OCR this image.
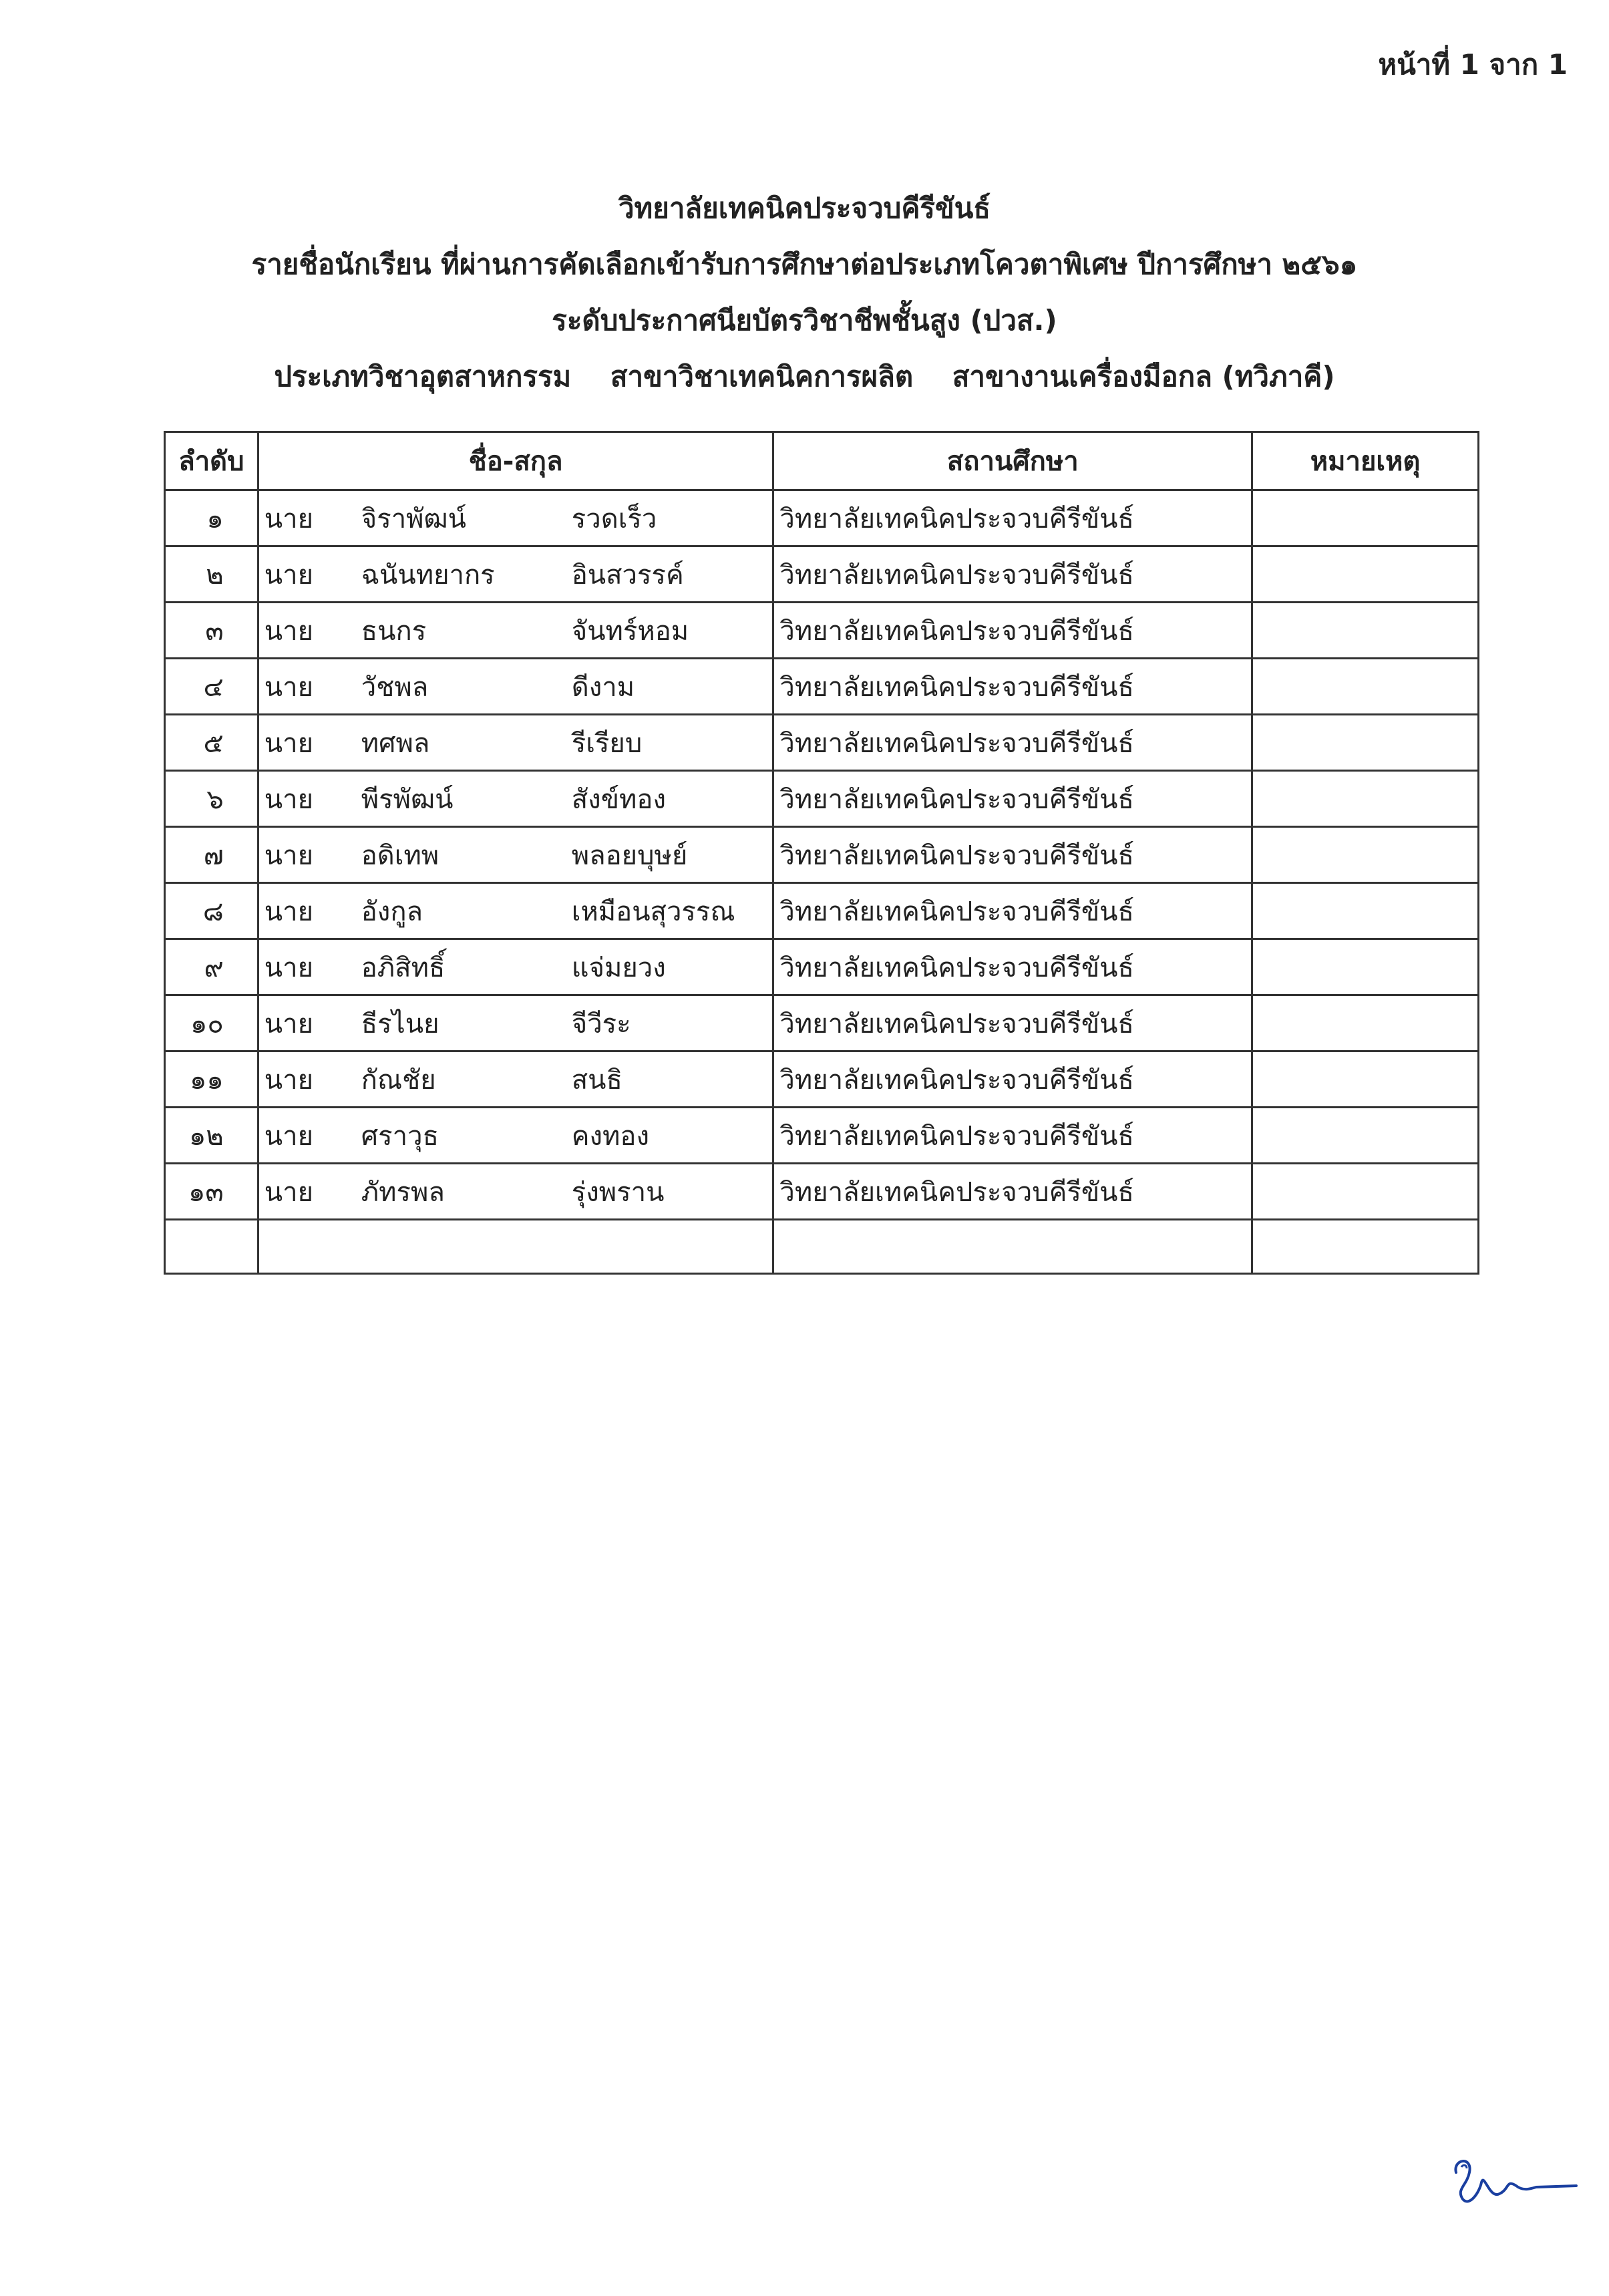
หน้าที่ 1 จาก 1
วิทยาลัยเทคนิคประจวบคีรีขันธ์
รายชื่อนักเรียน ที่ผ่านการคัดเลือกเข้ารับการศึกษาต่อประเภทโควตาพิเศษ ปีการศึกษา ๒๕๖๑
ระดับประกาศนียบัตรวิชาชีพชั้นสูง (ปวส.)
ประเภทวิชาอุตสาหกรรม สาขาวิชาเทคนิคการผลิต สาขางานเครื่องมือกล (ทวิภาคี)
ลำดับ	ชื่อ-สกุล	สถานศึกษา	หมายเหตุ
๑	นาย จิราพัฒน์ รวดเร็ว	วิทยาลัยเทคนิคประจวบคีรีขันธ์	
๒	นาย ฉนันทยากร อินสวรรค์	วิทยาลัยเทคนิคประจวบคีรีขันธ์	
๓	นาย ธนกร จันทร์หอม	วิทยาลัยเทคนิคประจวบคีรีขันธ์	
๔	นาย วัชพล ดีงาม	วิทยาลัยเทคนิคประจวบคีรีขันธ์	
๕	นาย ทศพล รีเรียบ	วิทยาลัยเทคนิคประจวบคีรีขันธ์	
๖	นาย พีรพัฒน์ สังข์ทอง	วิทยาลัยเทคนิคประจวบคีรีขันธ์	
๗	นาย อดิเทพ พลอยบุษย์	วิทยาลัยเทคนิคประจวบคีรีขันธ์	
๘	นาย อังกูล เหมือนสุวรรณ	วิทยาลัยเทคนิคประจวบคีรีขันธ์	
๙	นาย อภิสิทธิ์ แจ่มยวง	วิทยาลัยเทคนิคประจวบคีรีขันธ์	
๑๐	นาย ธีรไนย จีวีระ	วิทยาลัยเทคนิคประจวบคีรีขันธ์	
๑๑	นาย กัณชัย สนธิ	วิทยาลัยเทคนิคประจวบคีรีขันธ์	
๑๒	นาย ศราวุธ คงทอง	วิทยาลัยเทคนิคประจวบคีรีขันธ์	
๑๓	นาย ภัทรพล รุ่งพราน	วิทยาลัยเทคนิคประจวบคีรีขันธ์	
